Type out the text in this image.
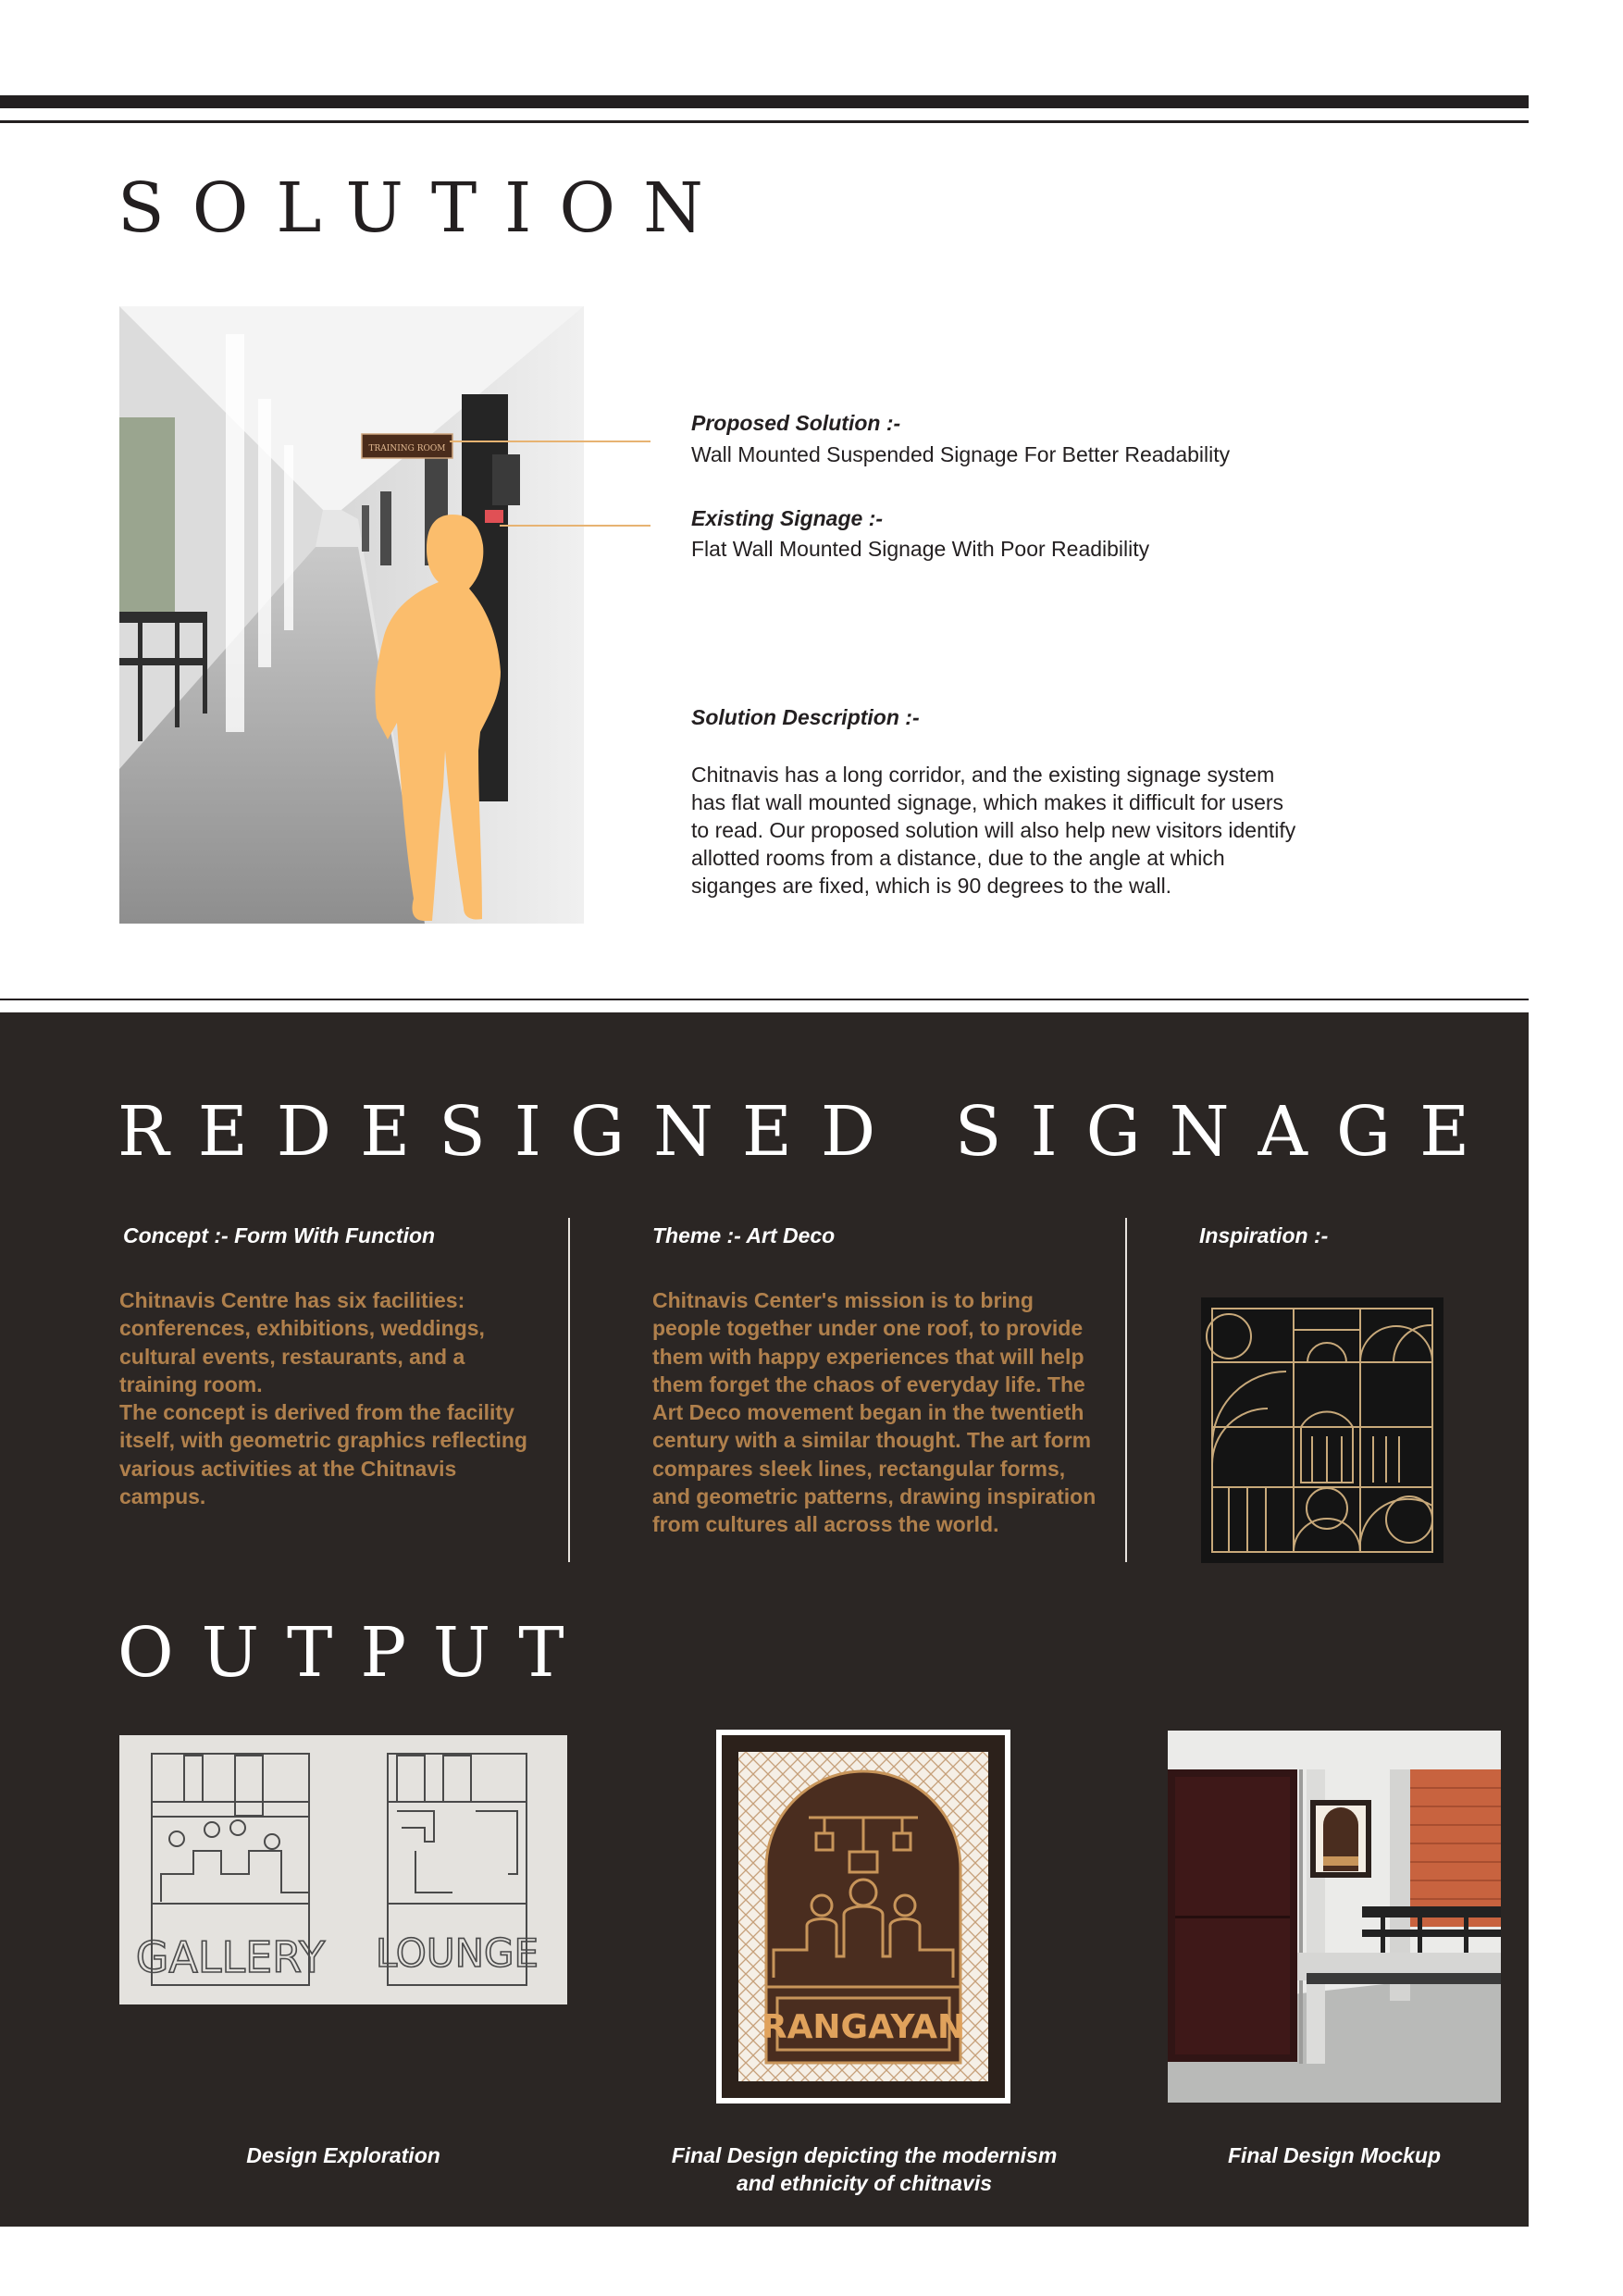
SOLUTION
TRAINING ROOM
Proposed Solution :-
Wall Mounted Suspended Signage For Better Readability
Existing Signage :-
Flat Wall Mounted Signage With Poor Readibility
Solution Description :-
Chitnavis has a long corridor, and the existing signage system has flat wall mounted signage, which makes it difficult for users to read. Our proposed solution will also help new visitors identify allotted rooms from a distance, due to the angle at which siganges are fixed, which is 90 degrees to the wall.
REDESIGNED SIGNAGE
Concept :- Form With Function
Chitnavis Centre has six facilities: conferences, exhibitions, weddings, cultural events, restaurants, and a training room.
The concept is derived from the facility itself, with geometric graphics reflecting various activities at the Chitnavis campus.
Theme :- Art Deco
Chitnavis Center's mission is to bring people together under one roof, to provide them with happy experiences that will help them forget the chaos of everyday life. The Art Deco movement began in the twentieth century with a similar thought. The art form compares sleek lines, rectangular forms, and geometric patterns, drawing inspiration from cultures all across the world.
Inspiration :-
OUTPUT
GALLERY LOUNGE
RANGAYAN
Design Exploration	Final Design depicting the modernism and ethnicity of chitnavis
Final Design Mockup
